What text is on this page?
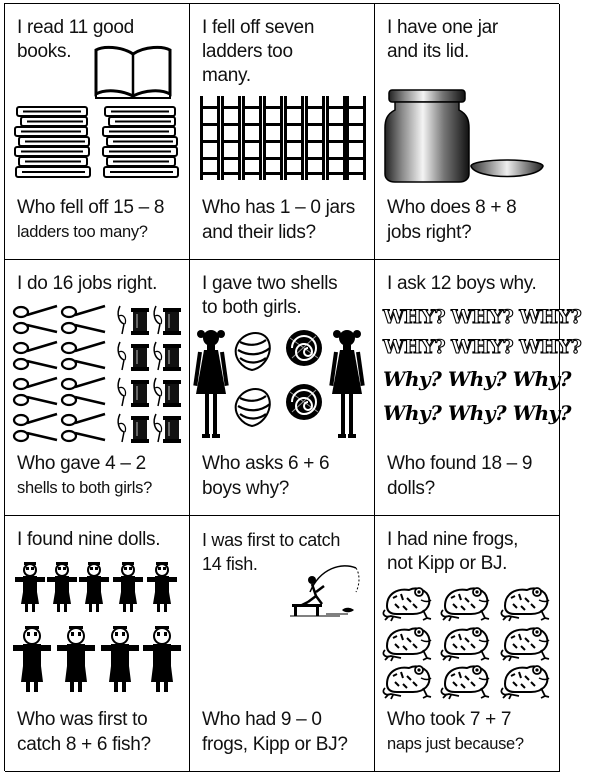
I read 11 good
books.
Who fell off 15 – 8
ladders too many?
I fell off seven
ladders too
many.
Who has 1 – 0 jars
and their lids?
I have one jar
and its lid.
Who does 8 + 8
jobs right?
I do 16 jobs right.
Who gave 4 – 2
shells to both girls?
I gave two shells
to both girls.
Who asks 6 + 6
boys why?
I ask 12 boys why.
WHY? WHY? WHY?
WHY? WHY? WHY?
Why? Why? Why?
Why? Why? Why?
Who found 18 – 9
dolls?
I found nine dolls.
Who was first to
catch 8 + 6 fish?
I was first to catch
14 fish.
Who had 9 – 0
frogs, Kipp or BJ?
I had nine frogs,
not Kipp or BJ.
Who took 7 + 7
naps just because?
